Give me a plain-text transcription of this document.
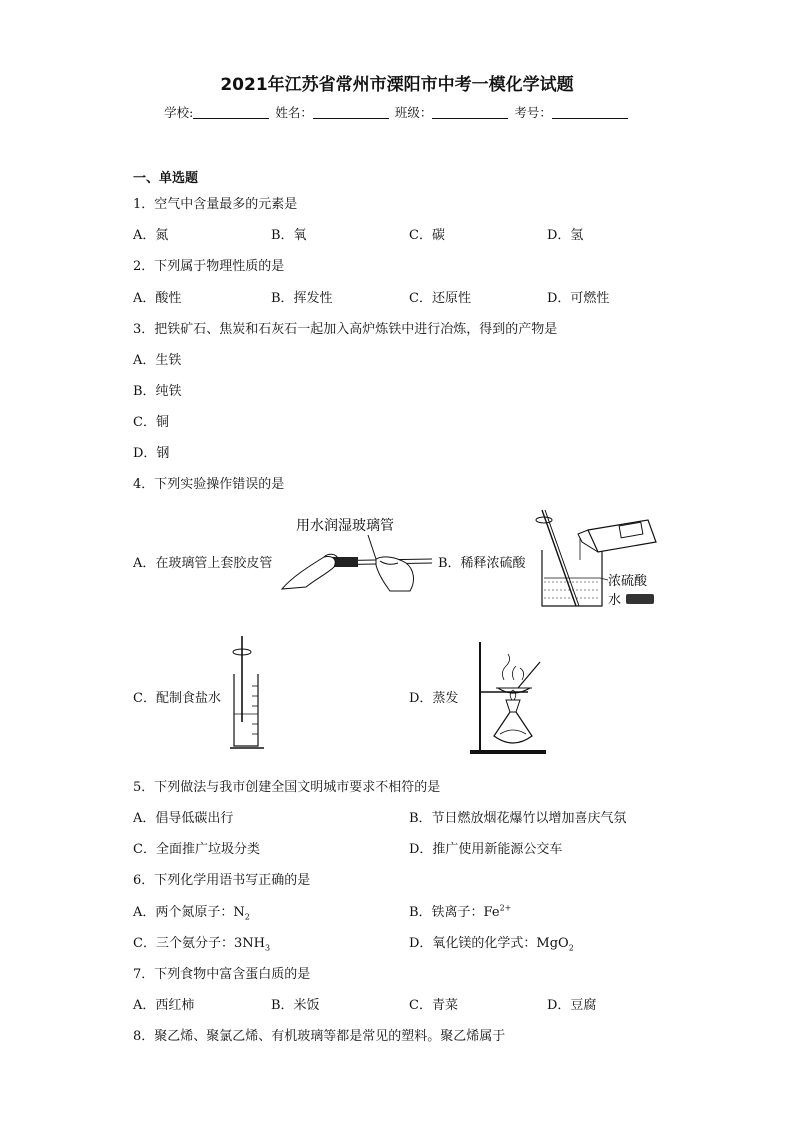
2021年江苏省常州市溧阳市中考一模化学试题
学校:	姓名：	班级：	考号：
一、单选题
1．空气中含量最多的元素是
A．氮	B．氧	C．碳	D．氢
2．下列属于物理性质的是
A．酸性	B．挥发性	C．还原性	D．可燃性
3．把铁矿石、焦炭和石灰石一起加入高炉炼铁中进行冶炼，得到的产物是
A．生铁
B．纯铁
C．铜
D．钢
4．下列实验操作错误的是
A．在玻璃管上套胶皮管
用水润湿玻璃管
B．稀释浓硫酸
浓硫酸
水
C．配制食盐水	D．蒸发
5．下列做法与我市创建全国文明城市要求不相符的是
A．倡导低碳出行	B．节日燃放烟花爆竹以增加喜庆气氛
C．全面推广垃圾分类	D．推广使用新能源公交车
6．下列化学用语书写正确的是
A．两个氮原子：$N_2$	B．铁离子：$Fe^{2+}$
C．三个氨分子：$3NH_3$	D．氧化镁的化学式：MgO$_2$
7．下列食物中富含蛋白质的是
A．西红柿	B．米饭	C．青菜	D．豆腐
8．聚乙烯、聚氯乙烯、有机玻璃等都是常见的塑料。聚乙烯属于
